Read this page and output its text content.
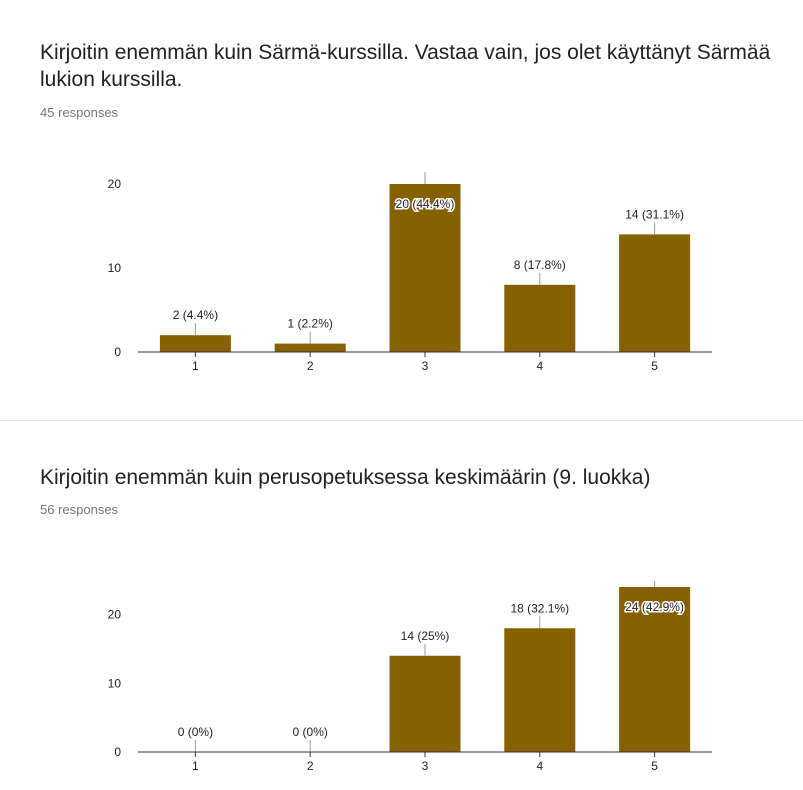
Kirjoitin enemmän kuin Särmä-kurssilla. Vastaa vain, jos olet käyttänyt Särmää lukion kurssilla.
45 responses
0
10
20
2 (4.4%)
1
1 (2.2%)
2
20 (44.4%)
3
8 (17.8%)
4
14 (31.1%)
5
Kirjoitin enemmän kuin perusopetuksessa keskimäärin (9. luokka)
56 responses
0
10
20
0 (0%)
1
0 (0%)
2
14 (25%)
3
18 (32.1%)
4
24 (42.9%)
5
